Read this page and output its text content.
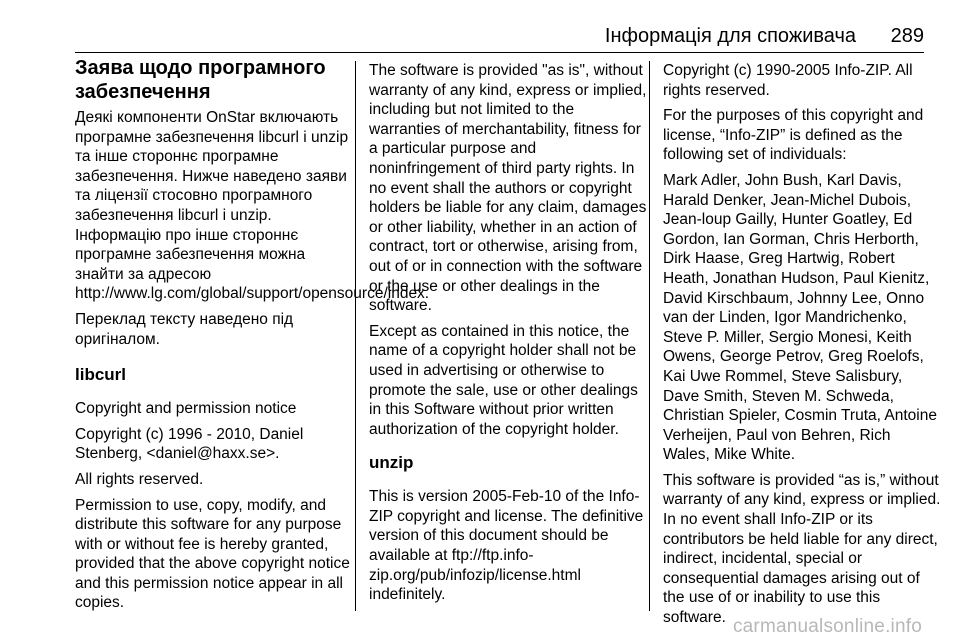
Інформація для споживача 289
Заява щодо програмного забезпечення

Деякі компоненти OnStar включають програмне забезпечення libcurl і unzip та інше стороннє програмне забезпечення. Нижче наведено заяви та ліцензії стосовно програмного забезпечення libcurl і unzip. Інформацію про інше стороннє програмне забезпечення можна знайти за адресою http://www.lg.com/global/support/opensource/index.

Переклад тексту наведено під оригіналом.

libcurl

Copyright and permission notice

Copyright (c) 1996 - 2010, Daniel Stenberg, <daniel@haxx.se>.

All rights reserved.

Permission to use, copy, modify, and distribute this software for any purpose with or without fee is hereby granted, provided that the above copyright notice and this permission notice appear in all copies.

The software is provided "as is", without warranty of any kind, express or implied, including but not limited to the warranties of merchantability, fitness for a particular purpose and noninfringement of third party rights. In no event shall the authors or copyright holders be liable for any claim, damages or other liability, whether in an action of contract, tort or otherwise, arising from, out of or in connection with the software or the use or other dealings in the software.

Except as contained in this notice, the name of a copyright holder shall not be used in advertising or otherwise to promote the sale, use or other dealings in this Software without prior written authorization of the copyright holder.

unzip

This is version 2005-Feb-10 of the Info-ZIP copyright and license. The definitive version of this document should be available at ftp://ftp.info-zip.org/pub/infozip/license.html indefinitely.

Copyright (c) 1990-2005 Info-ZIP. All rights reserved.

For the purposes of this copyright and license, “Info-ZIP” is defined as the following set of individuals:

Mark Adler, John Bush, Karl Davis, Harald Denker, Jean-Michel Dubois, Jean-loup Gailly, Hunter Goatley, Ed Gordon, Ian Gorman, Chris Herborth, Dirk Haase, Greg Hartwig, Robert Heath, Jonathan Hudson, Paul Kienitz, David Kirschbaum, Johnny Lee, Onno van der Linden, Igor Mandrichenko, Steve P. Miller, Sergio Monesi, Keith Owens, George Petrov, Greg Roelofs, Kai Uwe Rommel, Steve Salisbury, Dave Smith, Steven M. Schweda, Christian Spieler, Cosmin Truta, Antoine Verheijen, Paul von Behren, Rich Wales, Mike White.

This software is provided “as is,” without warranty of any kind, express or implied. In no event shall Info-ZIP or its contributors be held liable for any direct, indirect, incidental, special or consequential damages arising out of the use of or inability to use this software. carmanualsonline.info
